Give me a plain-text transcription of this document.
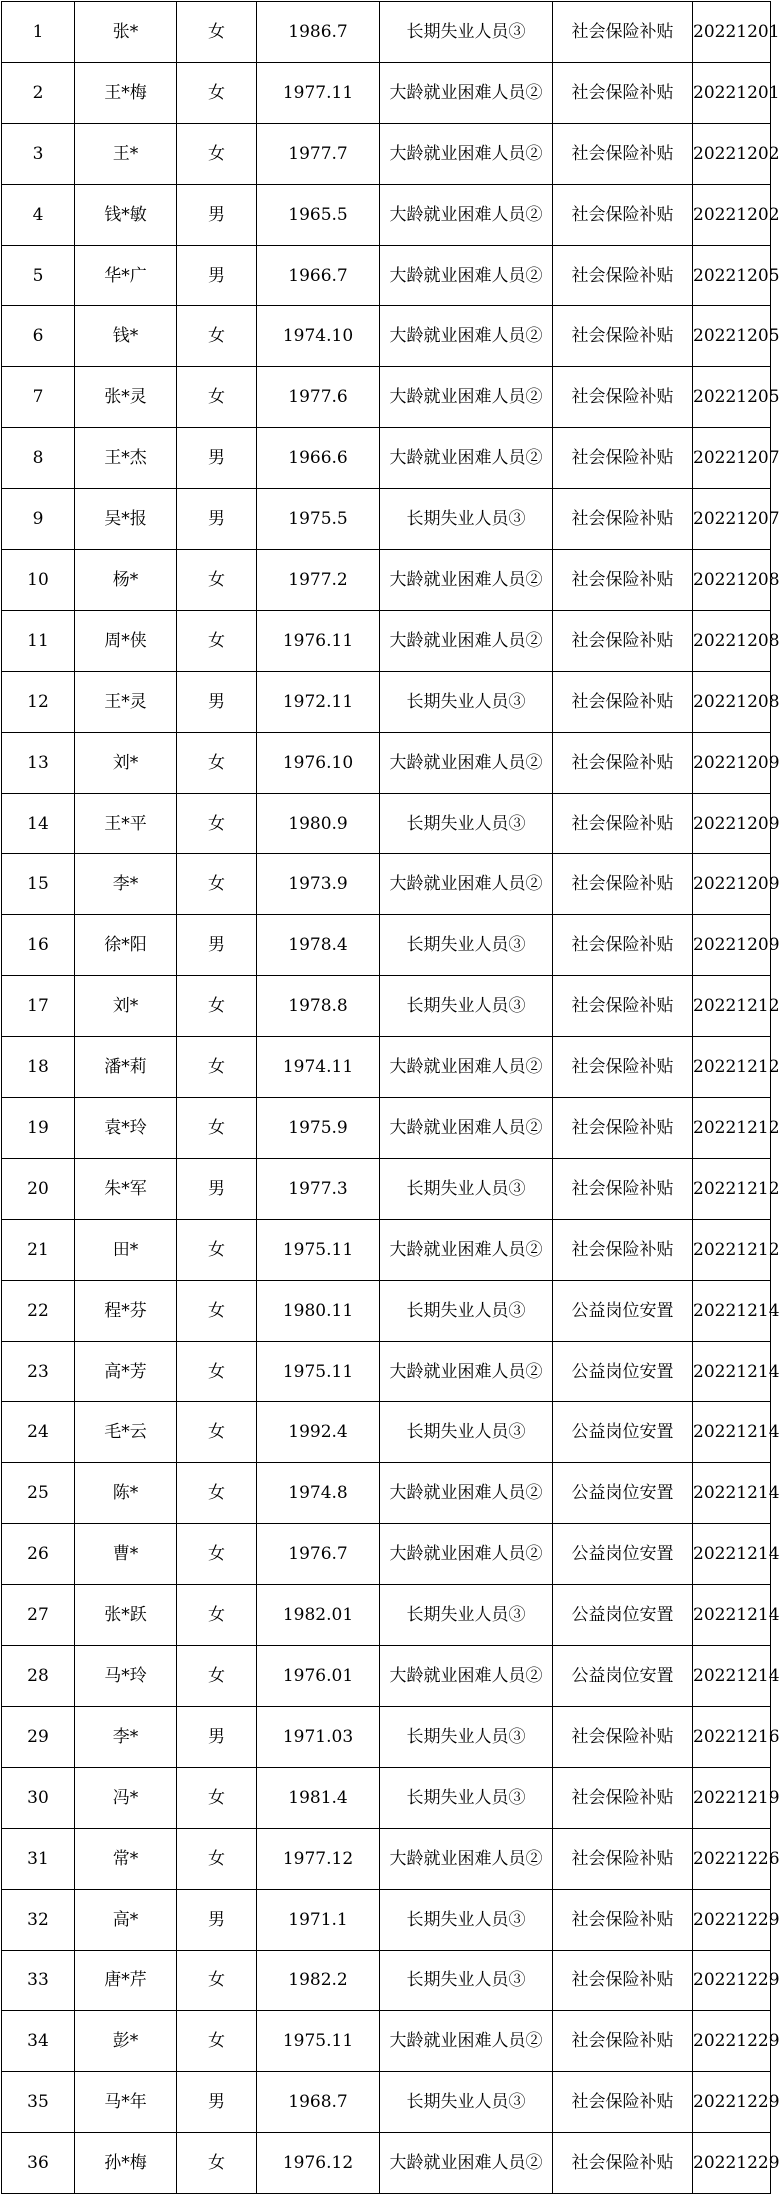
1	张*	女	1986.7	长期失业人员③	社会保险补贴	20221201
2	王*梅	女	1977.11	大龄就业困难人员②	社会保险补贴	20221201
3	王*	女	1977.7	大龄就业困难人员②	社会保险补贴	20221202
4	钱*敏	男	1965.5	大龄就业困难人员②	社会保险补贴	20221202
5	华*广	男	1966.7	大龄就业困难人员②	社会保险补贴	20221205
6	钱*	女	1974.10	大龄就业困难人员②	社会保险补贴	20221205
7	张*灵	女	1977.6	大龄就业困难人员②	社会保险补贴	20221205
8	王*杰	男	1966.6	大龄就业困难人员②	社会保险补贴	20221207
9	吴*报	男	1975.5	长期失业人员③	社会保险补贴	20221207
10	杨*	女	1977.2	大龄就业困难人员②	社会保险补贴	20221208
11	周*侠	女	1976.11	大龄就业困难人员②	社会保险补贴	20221208
12	王*灵	男	1972.11	长期失业人员③	社会保险补贴	20221208
13	刘*	女	1976.10	大龄就业困难人员②	社会保险补贴	20221209
14	王*平	女	1980.9	长期失业人员③	社会保险补贴	20221209
15	李*	女	1973.9	大龄就业困难人员②	社会保险补贴	20221209
16	徐*阳	男	1978.4	长期失业人员③	社会保险补贴	20221209
17	刘*	女	1978.8	长期失业人员③	社会保险补贴	20221212
18	潘*莉	女	1974.11	大龄就业困难人员②	社会保险补贴	20221212
19	袁*玲	女	1975.9	大龄就业困难人员②	社会保险补贴	20221212
20	朱*军	男	1977.3	长期失业人员③	社会保险补贴	20221212
21	田*	女	1975.11	大龄就业困难人员②	社会保险补贴	20221212
22	程*芬	女	1980.11	长期失业人员③	公益岗位安置	20221214
23	高*芳	女	1975.11	大龄就业困难人员②	公益岗位安置	20221214
24	毛*云	女	1992.4	长期失业人员③	公益岗位安置	20221214
25	陈*	女	1974.8	大龄就业困难人员②	公益岗位安置	20221214
26	曹*	女	1976.7	大龄就业困难人员②	公益岗位安置	20221214
27	张*跃	女	1982.01	长期失业人员③	公益岗位安置	20221214
28	马*玲	女	1976.01	大龄就业困难人员②	公益岗位安置	20221214
29	李*	男	1971.03	长期失业人员③	社会保险补贴	20221216
30	冯*	女	1981.4	长期失业人员③	社会保险补贴	20221219
31	常*	女	1977.12	大龄就业困难人员②	社会保险补贴	20221226
32	高*	男	1971.1	长期失业人员③	社会保险补贴	20221229
33	唐*芹	女	1982.2	长期失业人员③	社会保险补贴	20221229
34	彭*	女	1975.11	大龄就业困难人员②	社会保险补贴	20221229
35	马*年	男	1968.7	长期失业人员③	社会保险补贴	20221229
36	孙*梅	女	1976.12	大龄就业困难人员②	社会保险补贴	20221229
